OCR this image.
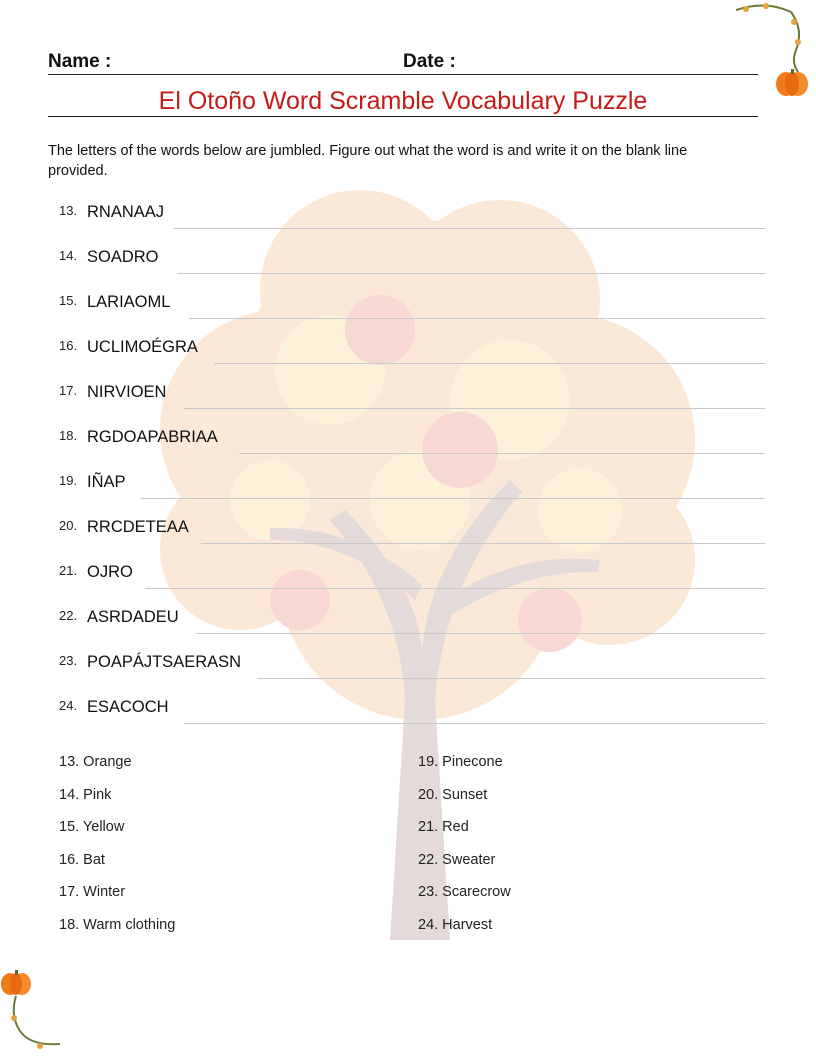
Name :	Date :
El Otoño Word Scramble Vocabulary Puzzle
The letters of the words below are jumbled. Figure out what the word is and write it on the blank line provided.
13. RNANAAJ
14. SOADRO
15. LARIAOML
16. UCLIMOÉGRA
17. NIRVIOEN
18. RGDOAPABRIAA
19. IÑAP
20. RRCDETEAA
21. OJRO
22. ASRDADEU
23. POAPÁJTSAERASN
24. ESACOCH
13. Orange
14. Pink
15. Yellow
16. Bat
17. Winter
18. Warm clothing
19. Pinecone
20. Sunset
21. Red
22. Sweater
23. Scarecrow
24. Harvest
